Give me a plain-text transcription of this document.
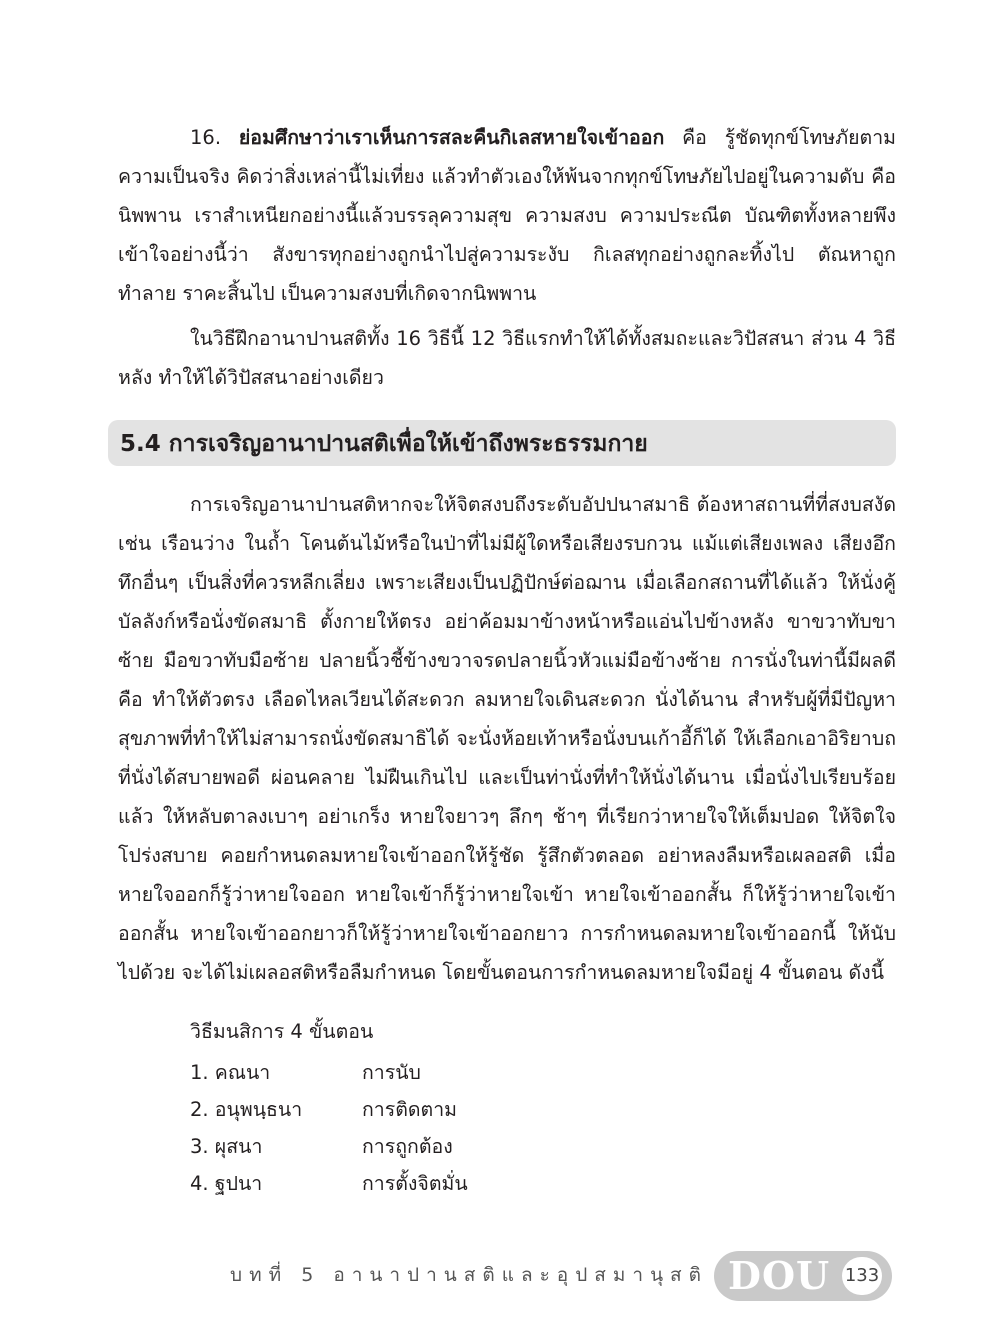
16. ย่อมศึกษาว่าเราเห็นการสละคืนกิเลสหายใจเข้าออก คือ รู้ชัดทุกข์โทษภัยตามความเป็นจริง คิดว่าสิ่งเหล่านี้ไม่เที่ยง แล้วทำตัวเองให้พ้นจากทุกข์โทษภัยไปอยู่ในความดับ คือ นิพพาน เราสำเหนียกอย่างนี้แล้วบรรลุความสุข ความสงบ ความประณีต บัณฑิตทั้งหลายพึงเข้าใจอย่างนี้ว่า สังขารทุกอย่างถูกนำไปสู่ความระงับ กิเลสทุกอย่างถูกละทิ้งไป ตัณหาถูกทำลาย ราคะสิ้นไป เป็นความสงบที่เกิดจากนิพพาน

ในวิธีฝึกอานาปานสติทั้ง 16 วิธีนี้ 12 วิธีแรกทำให้ได้ทั้งสมถะและวิปัสสนา ส่วน 4 วิธีหลัง ทำให้ได้วิปัสสนาอย่างเดียว

5.4 การเจริญอานาปานสติเพื่อให้เข้าถึงพระธรรมกาย

การเจริญอานาปานสติหากจะให้จิตสงบถึงระดับอัปปนาสมาธิ ต้องหาสถานที่ที่สงบสงัด เช่น เรือนว่าง ในถ้ำ โคนต้นไม้หรือในป่าที่ไม่มีผู้ใดหรือเสียงรบกวน แม้แต่เสียงเพลง เสียงอึกทึกอื่นๆ เป็นสิ่งที่ควรหลีกเลี่ยง เพราะเสียงเป็นปฏิปักษ์ต่อฌาน เมื่อเลือกสถานที่ได้แล้ว ให้นั่งคู้บัลลังก์หรือนั่งขัดสมาธิ ตั้งกายให้ตรง อย่าค้อมมาข้างหน้าหรือแอ่นไปข้างหลัง ขาขวาทับขาซ้าย มือขวาทับมือซ้าย ปลายนิ้วชี้ข้างขวาจรดปลายนิ้วหัวแม่มือข้างซ้าย การนั่งในท่านี้มีผลดี คือ ทำให้ตัวตรง เลือดไหลเวียนได้สะดวก ลมหายใจเดินสะดวก นั่งได้นาน สำหรับผู้ที่มีปัญหาสุขภาพที่ทำให้ไม่สามารถนั่งขัดสมาธิได้ จะนั่งห้อยเท้าหรือนั่งบนเก้าอี้ก็ได้ ให้เลือกเอาอิริยาบถที่นั่งได้สบายพอดี ผ่อนคลาย ไม่ฝืนเกินไป และเป็นท่านั่งที่ทำให้นั่งได้นาน เมื่อนั่งไปเรียบร้อยแล้ว ให้หลับตาลงเบาๆ อย่าเกร็ง หายใจยาวๆ ลึกๆ ช้าๆ ที่เรียกว่าหายใจให้เต็มปอด ให้จิตใจโปร่งสบาย คอยกำหนดลมหายใจเข้าออกให้รู้ชัด รู้สึกตัวตลอด อย่าหลงลืมหรือเผลอสติ เมื่อหายใจออกก็รู้ว่าหายใจออก หายใจเข้าก็รู้ว่าหายใจเข้า หายใจเข้าออกสั้น ก็ให้รู้ว่าหายใจเข้าออกสั้น หายใจเข้าออกยาวก็ให้รู้ว่าหายใจเข้าออกยาว การกำหนดลมหายใจเข้าออกนี้ ให้นับไปด้วย จะได้ไม่เผลอสติหรือลืมกำหนด โดยขั้นตอนการกำหนดลมหายใจมีอยู่ 4 ขั้นตอน ดังนี้

วิธีมนสิการ 4 ขั้นตอน
1. คณนา	การนับ
2. อนุพนฺธนา	การติดตาม
3. ผุสนา	การถูกต้อง
4. ฐปนา	การตั้งจิตมั่น
บทที่ 5 อานาปานสติและอุปสมานุสติ DOU 133
